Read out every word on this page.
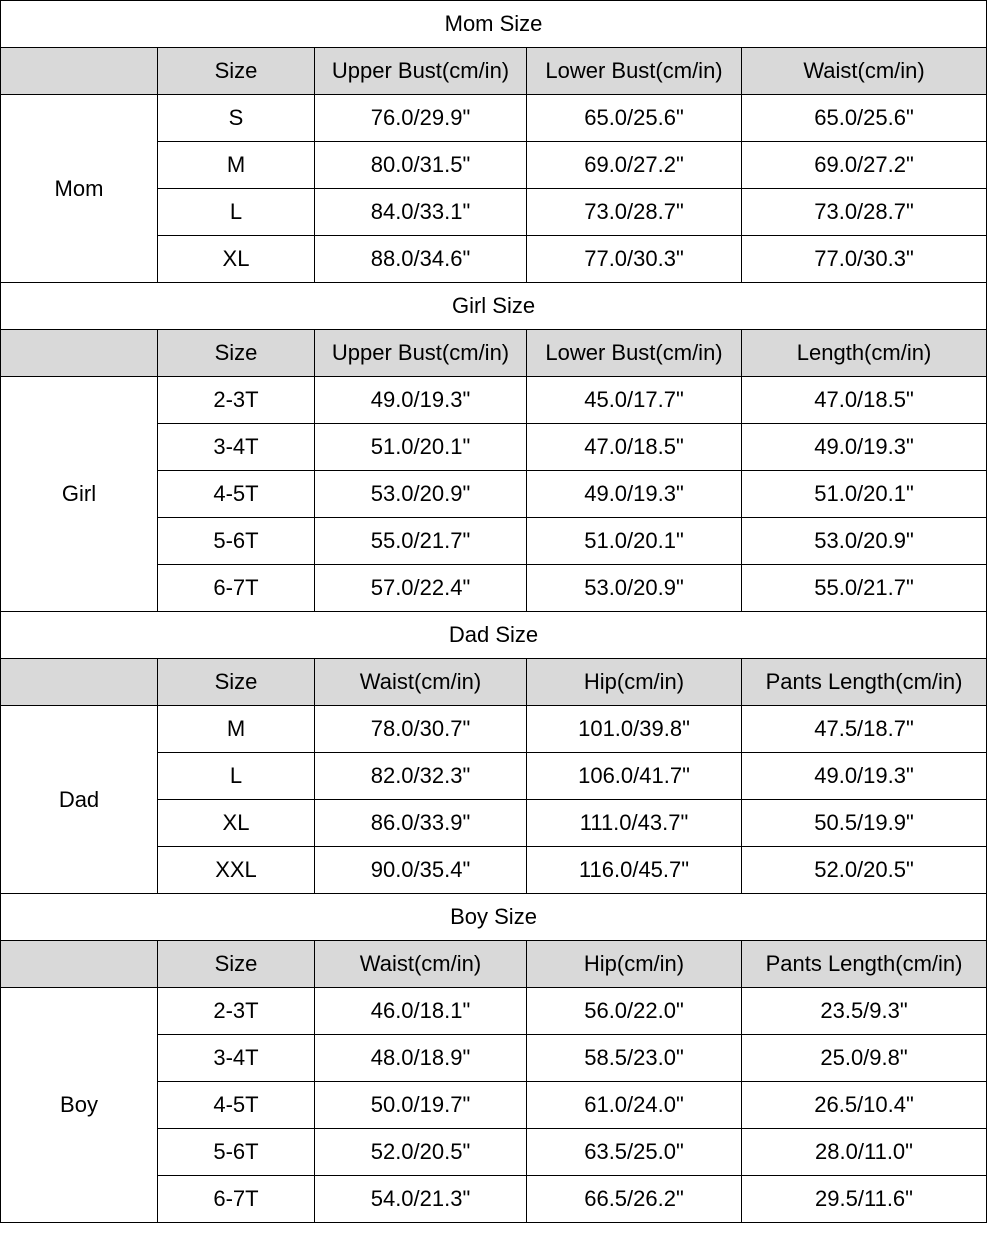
Mom Size				
	Size	Upper Bust(cm/in)	Lower Bust(cm/in)	Waist(cm/in)
Mom	S	76.0/29.9"	65.0/25.6"	65.0/25.6"
	M	80.0/31.5"	69.0/27.2"	69.0/27.2"
	L	84.0/33.1"	73.0/28.7"	73.0/28.7"
	XL	88.0/34.6"	77.0/30.3"	77.0/30.3"
Girl Size				
	Size	Upper Bust(cm/in)	Lower Bust(cm/in)	Length(cm/in)
Girl	2-3T	49.0/19.3"	45.0/17.7"	47.0/18.5"
	3-4T	51.0/20.1"	47.0/18.5"	49.0/19.3"
	4-5T	53.0/20.9"	49.0/19.3"	51.0/20.1"
	5-6T	55.0/21.7"	51.0/20.1"	53.0/20.9"
	6-7T	57.0/22.4"	53.0/20.9"	55.0/21.7"
Dad Size				
	Size	Waist(cm/in)	Hip(cm/in)	Pants Length(cm/in)
Dad	M	78.0/30.7"	101.0/39.8"	47.5/18.7"
	L	82.0/32.3"	106.0/41.7"	49.0/19.3"
	XL	86.0/33.9"	111.0/43.7"	50.5/19.9"
	XXL	90.0/35.4"	116.0/45.7"	52.0/20.5"
Boy Size				
	Size	Waist(cm/in)	Hip(cm/in)	Pants Length(cm/in)
Boy	2-3T	46.0/18.1"	56.0/22.0"	23.5/9.3"
	3-4T	48.0/18.9"	58.5/23.0"	25.0/9.8"
	4-5T	50.0/19.7"	61.0/24.0"	26.5/10.4"
	5-6T	52.0/20.5"	63.5/25.0"	28.0/11.0"
	6-7T	54.0/21.3"	66.5/26.2"	29.5/11.6"
